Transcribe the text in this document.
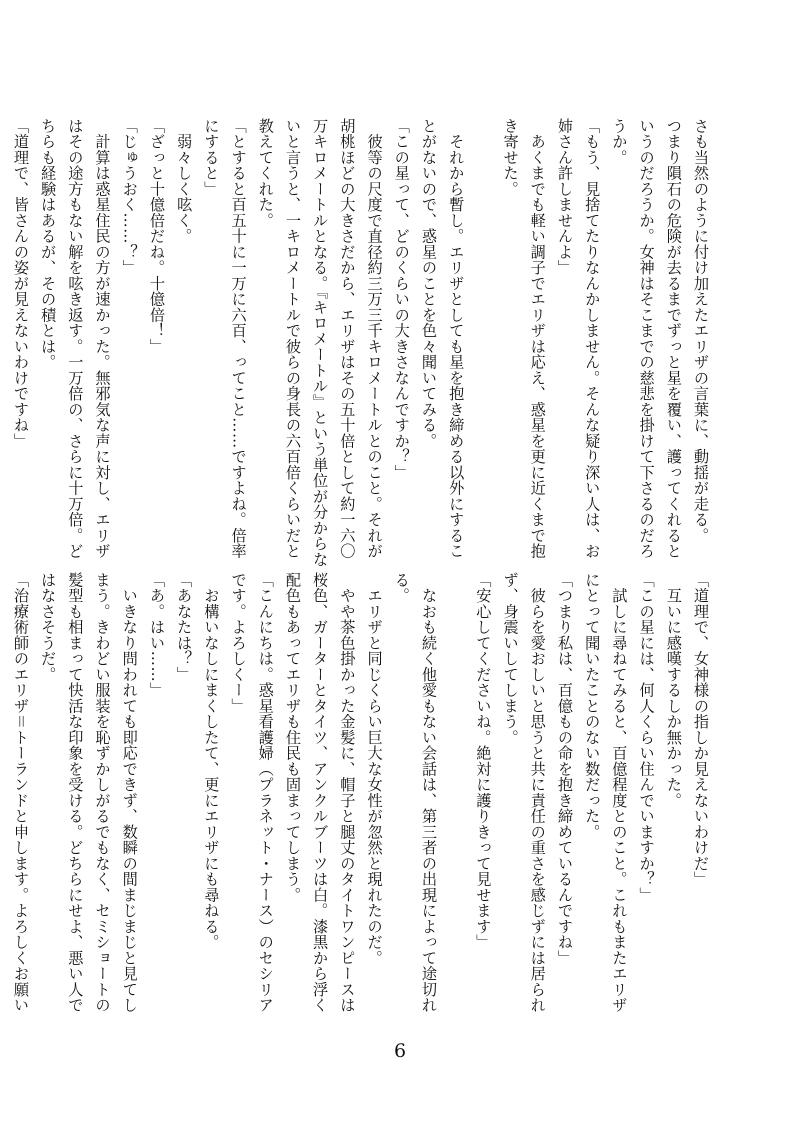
さも当然のように付け加えたエリザの言葉に、動揺が走る。
つまり隕石の危険が去るまでずっと星を覆い、護ってくれると
いうのだろうか。女神はそこまでの慈悲を掛けて下さるのだろ
うか。
「もう、見捨てたりなんかしません。そんな疑り深い人は、お
姉さん許しませんよ」
　あくまでも軽い調子でエリザは応え、惑星を更に近くまで抱
き寄せた。

　それから暫し。エリザとしても星を抱き締める以外にするこ
とがないので、惑星のことを色々聞いてみる。
「この星って、どのくらいの大きさなんですか？」
　彼等の尺度で直径約三万三千キロメートルとのこと。それが
胡桃ほどの大きさだから、エリザはその五十倍として約一六〇
万キロメートルとなる。『キロメートル』という単位が分からな
いと言うと、一キロメートルで彼らの身長の六百倍くらいだと
教えてくれた。
「とすると百五十に一万に六百、ってこと……ですよね。倍率
にすると」
　弱々しく呟く。
「ざっと十億倍だね。十億倍！」
「じゅうおく……？」
　計算は惑星住民の方が速かった。無邪気な声に対し、エリザ
はその途方もない解を呟き返す。一万倍の、さらに十万倍。ど
ちらも経験はあるが、その積とは。
「道理で、皆さんの姿が見えないわけですね」
「道理で、女神様の指しか見えないわけだ」
　互いに感嘆するしか無かった。
「この星には、何人くらい住んでいますか？」
　試しに尋ねてみると、百億程度とのこと。これもまたエリザ
にとって聞いたことのない数だった。
「つまり私は、百億もの命を抱き締めているんですね」
　彼らを愛おしいと思うと共に責任の重さを感じずには居られ
ず、身震いしてしまう。
「安心してくださいね。絶対に護りきって見せます」

　なおも続く他愛もない会話は、第三者の出現によって途切れ
る。
　エリザと同じくらい巨大な女性が忽然と現れたのだ。
　やや茶色掛かった金髪に、帽子と腿丈のタイトワンピースは
桜色、ガーターとタイツ、アンクルブーツは白。漆黒から浮く
配色もあってエリザも住民も固まってしまう。
「こんにちは。惑星看護婦（プラネット・ナース）のセシリア
です。よろしくー」
　お構いなしにまくしたて、更にエリザにも尋ねる。
「あなたは？」
「あ。はい……」
　いきなり問われても即応できず、数瞬の間まじまじと見てし
まう。きわどい服装を恥ずかしがるでもなく、セミショートの
髪型も相まって快活な印象を受ける。どちらにせよ、悪い人で
はなさそうだ。
「治療術師のエリザ＝トーランドと申します。よろしくお願い
6
